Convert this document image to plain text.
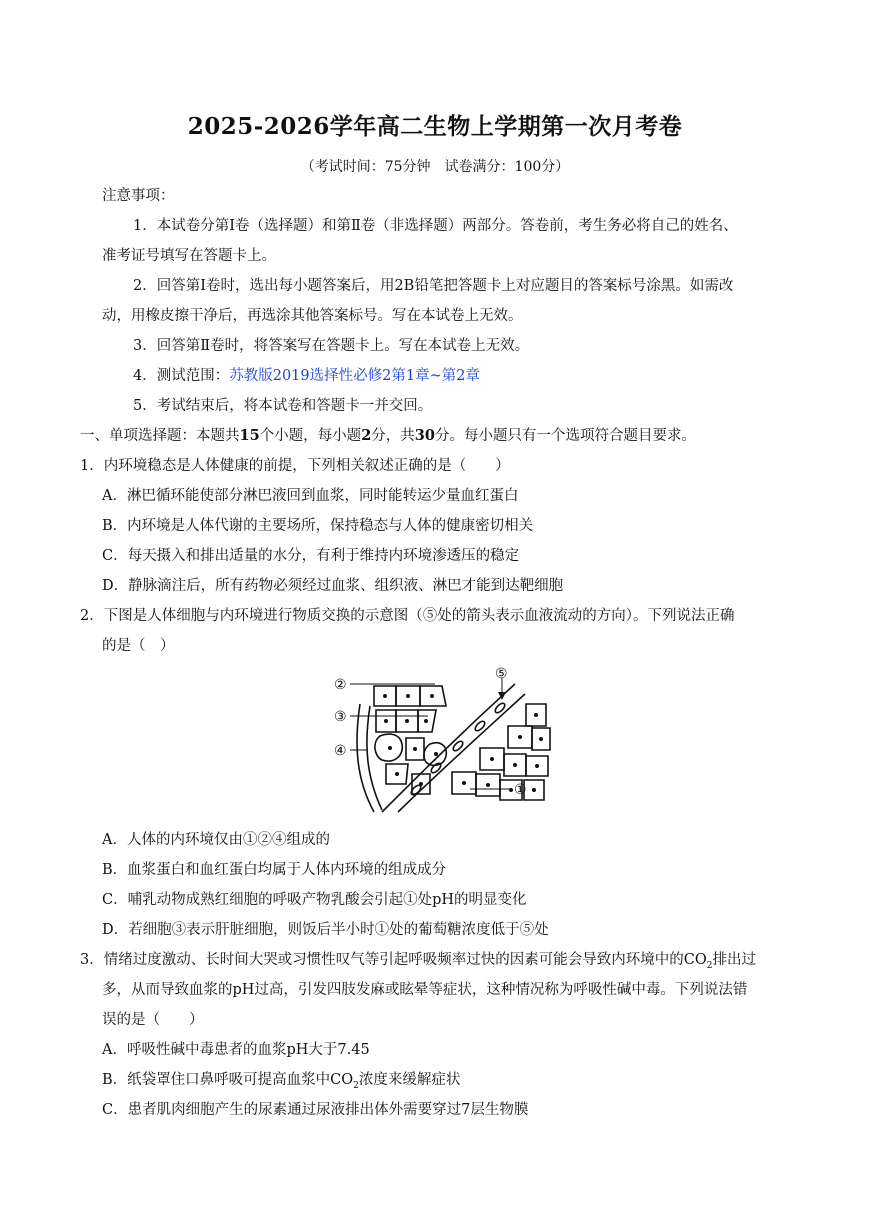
2025-2026学年高二生物上学期第一次月考卷
（考试时间：75分钟　试卷满分：100分）
注意事项：
1．本试卷分第Ⅰ卷（选择题）和第Ⅱ卷（非选择题）两部分。答卷前，考生务必将自己的姓名、
准考证号填写在答题卡上。
2．回答第Ⅰ卷时，选出每小题答案后，用2B铅笔把答题卡上对应题目的答案标号涂黑。如需改
动，用橡皮擦干净后，再选涂其他答案标号。写在本试卷上无效。
3．回答第Ⅱ卷时，将答案写在答题卡上。写在本试卷上无效。
4．测试范围：苏教版2019选择性必修2第1章~第2章
5．考试结束后，将本试卷和答题卡一并交回。
一、单项选择题：本题共15个小题，每小题2分，共30分。每小题只有一个选项符合题目要求。
1．内环境稳态是人体健康的前提，下列相关叙述正确的是（　　）
A．淋巴循环能使部分淋巴液回到血浆，同时能转运少量血红蛋白
B．内环境是人体代谢的主要场所，保持稳态与人体的健康密切相关
C．每天摄入和排出适量的水分，有利于维持内环境渗透压的稳定
D．静脉滴注后，所有药物必须经过血浆、组织液、淋巴才能到达靶细胞
2．下图是人体细胞与内环境进行物质交换的示意图（⑤处的箭头表示血液流动的方向）。下列说法正确
的是（　）
②
③
④
①
⑤
A．人体的内环境仅由①②④组成的
B．血浆蛋白和血红蛋白均属于人体内环境的组成成分
C．哺乳动物成熟红细胞的呼吸产物乳酸会引起①处pH的明显变化
D．若细胞③表示肝脏细胞，则饭后半小时①处的葡萄糖浓度低于⑤处
3．情绪过度激动、长时间大哭或习惯性叹气等引起呼吸频率过快的因素可能会导致内环境中的$CO_2$排出过
多，从而导致血浆的pH过高，引发四肢发麻或眩晕等症状，这种情况称为呼吸性碱中毒。下列说法错
误的是（　　）
A．呼吸性碱中毒患者的血浆pH大于7.45
B．纸袋罩住口鼻呼吸可提高血浆中$CO_2$浓度来缓解症状
C．患者肌肉细胞产生的尿素通过尿液排出体外需要穿过7层生物膜
